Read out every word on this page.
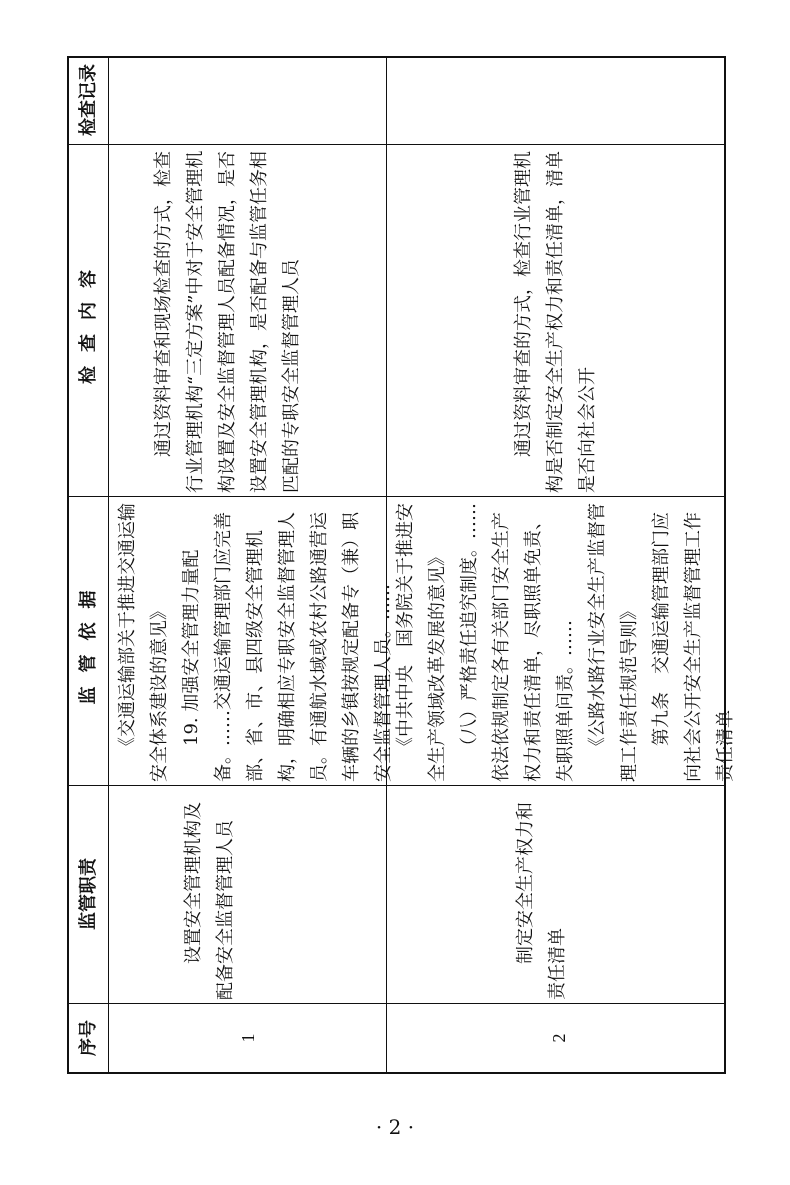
序号
监管职责
监管依据
检查内容
检查记录
1
　　设置安全管理机构及配备安全监督管理人员
　　《交通运输部关于推进交通运输安全体系建设的意见》
　　19. 加强安全管理力量配备。……交通运输管理部门应完善部、省、市、县四级安全管理机构，明确相应专职安全监督管理人员。有通航水域或农村公路通营运车辆的乡镇按规定配备专（兼）职安全监督管理人员。……
　　通过资料审查和现场检查的方式，检查行业管理机构“三定方案”中对于安全管理机构设置及安全监督管理人员配备情况，是否设置安全管理机构，是否配备与监管任务相匹配的专职安全监督管理人员
2
　　制定安全生产权力和责任清单
　　《中共中央　国务院关于推进安全生产领域改革发展的意见》
　　（八）严格责任追究制度。……依法依规制定各有关部门安全生产权力和责任清单，尽职照单免责、失职照单问责。……
　　《公路水路行业安全生产监督管理工作责任规范导则》
　　第九条　交通运输管理部门应向社会公开安全生产监督管理工作责任清单
　　通过资料审查的方式，检查行业管理机构是否制定安全生产权力和责任清单，清单是否向社会公开
· 2 ·
